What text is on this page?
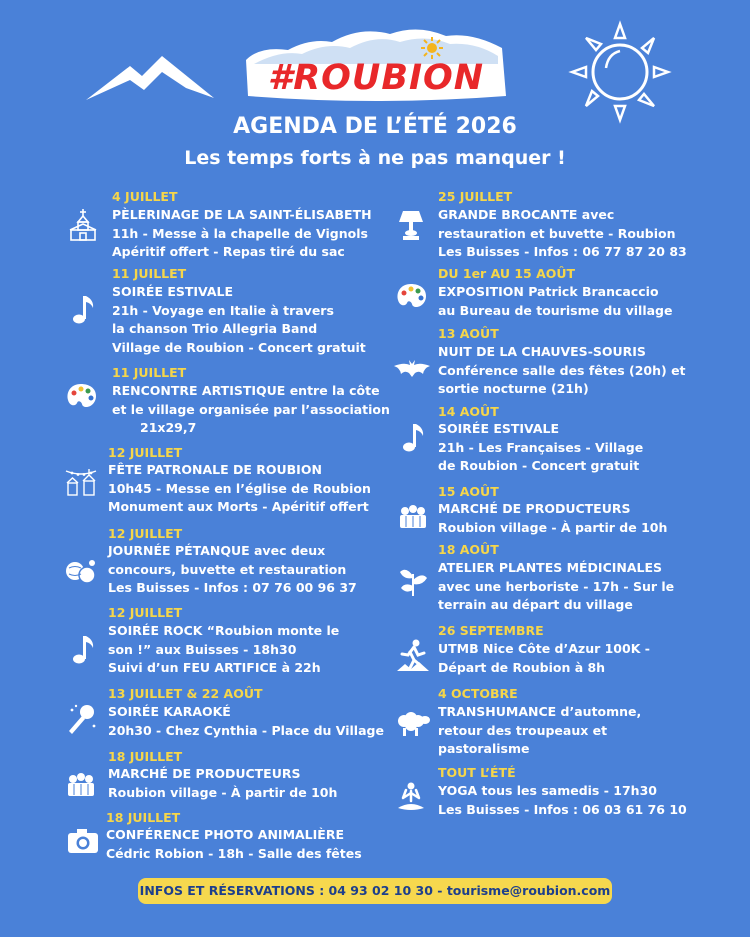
#ROUBION
AGENDA DE L’ÉTÉ 2026
Les temps forts à ne pas manquer !
4 JUILLET
PÈLERINAGE DE LA SAINT-ÉLISABETH
11h - Messe à la chapelle de Vignols
Apéritif offert - Repas tiré du sac
11 JUILLET
SOIRÉE ESTIVALE
21h - Voyage en Italie à travers
la chanson Trio Allegria Band
Village de Roubion - Concert gratuit
11 JUILLET
RENCONTRE ARTISTIQUE entre la côte
et le village organisée par l’association
21x29,7
12 JUILLET
FÊTE PATRONALE DE ROUBION
10h45 - Messe en l’église de Roubion
Monument aux Morts - Apéritif offert
12 JUILLET
JOURNÉE PÉTANQUE avec deux
concours, buvette et restauration
Les Buisses - Infos : 07 76 00 96 37
12 JUILLET
SOIRÉE ROCK “Roubion monte le
son !” aux Buisses - 18h30
Suivi d’un FEU ARTIFICE à 22h
13 JUILLET & 22 AOÛT
SOIRÉE KARAOKÉ
20h30 - Chez Cynthia - Place du Village
18 JUILLET
MARCHÉ DE PRODUCTEURS
Roubion village - À partir de 10h
18 JUILLET
CONFÉRENCE PHOTO ANIMALIÈRE
Cédric Robion - 18h - Salle des fêtes
25 JUILLET
GRANDE BROCANTE avec
restauration et buvette - Roubion
Les Buisses - Infos : 06 77 87 20 83
DU 1er AU 15 AOÛT
EXPOSITION Patrick Brancaccio
au Bureau de tourisme du village
13 AOÛT
NUIT DE LA CHAUVES-SOURIS
Conférence salle des fêtes (20h) et
sortie nocturne (21h)
14 AOÛT
SOIRÉE ESTIVALE
21h - Les Françaises - Village
de Roubion - Concert gratuit
15 AOÛT
MARCHÉ DE PRODUCTEURS
Roubion village - À partir de 10h
18 AOÛT
ATELIER PLANTES MÉDICINALES
avec une herboriste - 17h - Sur le
terrain au départ du village
26 SEPTEMBRE
UTMB Nice Côte d’Azur 100K -
Départ de Roubion à 8h
4 OCTOBRE
TRANSHUMANCE d’automne,
retour des troupeaux et
pastoralisme
TOUT L’ÉTÉ
YOGA tous les samedis - 17h30
Les Buisses - Infos : 06 03 61 76 10
INFOS ET RÉSERVATIONS : 04 93 02 10 30 - tourisme@roubion.com
